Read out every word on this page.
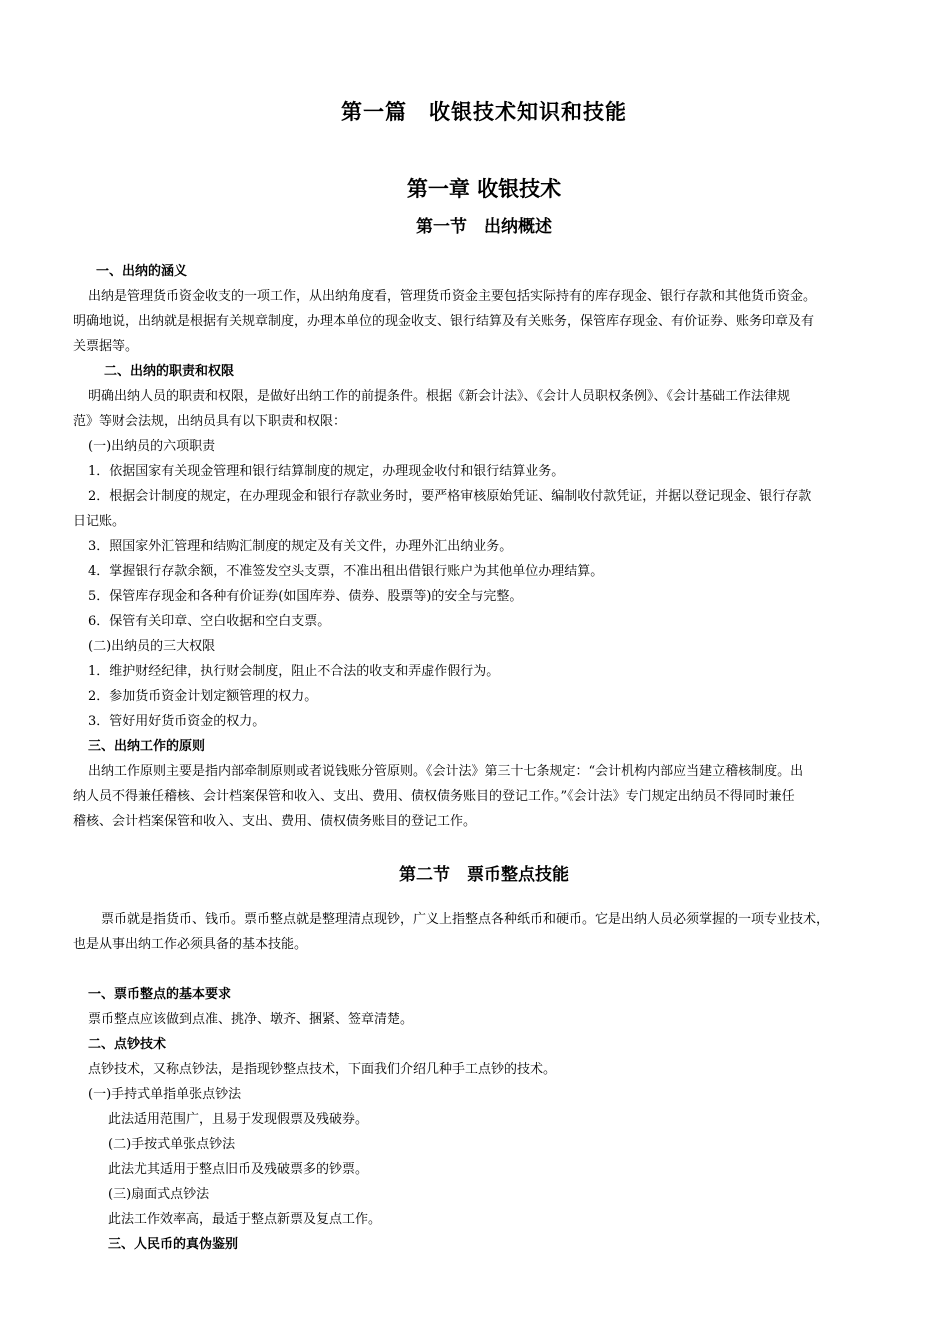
第一篇　收银技术知识和技能
第一章 收银技术
第一节　出纳概述
一、出纳的涵义
出纳是管理货币资金收支的一项工作，从出纳角度看，管理货币资金主要包括实际持有的库存现金、银行存款和其他货币资金。
明确地说，出纳就是根据有关规章制度，办理本单位的现金收支、银行结算及有关账务，保管库存现金、有价证券、账务印章及有
关票据等。
二、出纳的职责和权限
明确出纳人员的职责和权限，是做好出纳工作的前提条件。根据《新会计法》、《会计人员职权条例》、《会计基础工作法律规
范》等财会法规，出纳员具有以下职责和权限：
(一)出纳员的六项职责
1．依据国家有关现金管理和银行结算制度的规定，办理现金收付和银行结算业务。
2．根据会计制度的规定，在办理现金和银行存款业务时，要严格审核原始凭证、编制收付款凭证，并据以登记现金、银行存款
日记账。
3．照国家外汇管理和结购汇制度的规定及有关文件，办理外汇出纳业务。
4．掌握银行存款余额，不准签发空头支票，不准出租出借银行账户为其他单位办理结算。
5．保管库存现金和各种有价证券(如国库券、债券、股票等)的安全与完整。
6．保管有关印章、空白收据和空白支票。
(二)出纳员的三大权限
1．维护财经纪律，执行财会制度，阻止不合法的收支和弄虚作假行为。
2．参加货币资金计划定额管理的权力。
3．管好用好货币资金的权力。
三、出纳工作的原则
出纳工作原则主要是指内部牵制原则或者说钱账分管原则。《会计法》第三十七条规定：“会计机构内部应当建立稽核制度。出
纳人员不得兼任稽核、会计档案保管和收入、支出、费用、债权债务账目的登记工作。”《会计法》专门规定出纳员不得同时兼任
稽核、会计档案保管和收入、支出、费用、债权债务账目的登记工作。
第二节　票币整点技能
票币就是指货币、钱币。票币整点就是整理清点现钞，广义上指整点各种纸币和硬币。它是出纳人员必须掌握的一项专业技术，
也是从事出纳工作必须具备的基本技能。
一、票币整点的基本要求
票币整点应该做到点准、挑净、墩齐、捆紧、签章清楚。
二、点钞技术
点钞技术，又称点钞法，是指现钞整点技术，下面我们介绍几种手工点钞的技术。
(一)手持式单指单张点钞法
此法适用范围广，且易于发现假票及残破券。
(二)手按式单张点钞法
此法尤其适用于整点旧币及残破票多的钞票。
(三)扇面式点钞法
此法工作效率高，最适于整点新票及复点工作。
三、人民币的真伪鉴别
